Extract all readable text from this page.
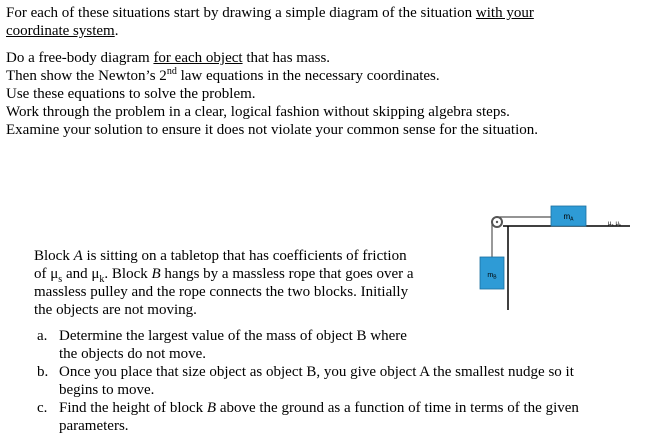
For each of these situations start by drawing a simple diagram of the situation with your
coordinate system.
Do a free-body diagram for each object that has mass.
Then show the Newton’s 2nd law equations in the necessary coordinates.
Use these equations to solve the problem.
Work through the problem in a clear, logical fashion without skipping algebra steps.
Examine your solution to ensure it does not violate your common sense for the situation.
Block A is sitting on a tabletop that has coefficients of friction
of $\mu_s$ and $\mu_k$. Block B hangs by a massless rope that goes over a
massless pulley and the rope connects the two blocks. Initially
the objects are not moving.
a. Determine the largest value of the mass of object B where
the objects do not move.
b. Once you place that size object as object B, you give object A the smallest nudge so it
begins to move.
c. Find the height of block B above the ground as a function of time in terms of the given
parameters.
mA
$m_B$
μs μk
